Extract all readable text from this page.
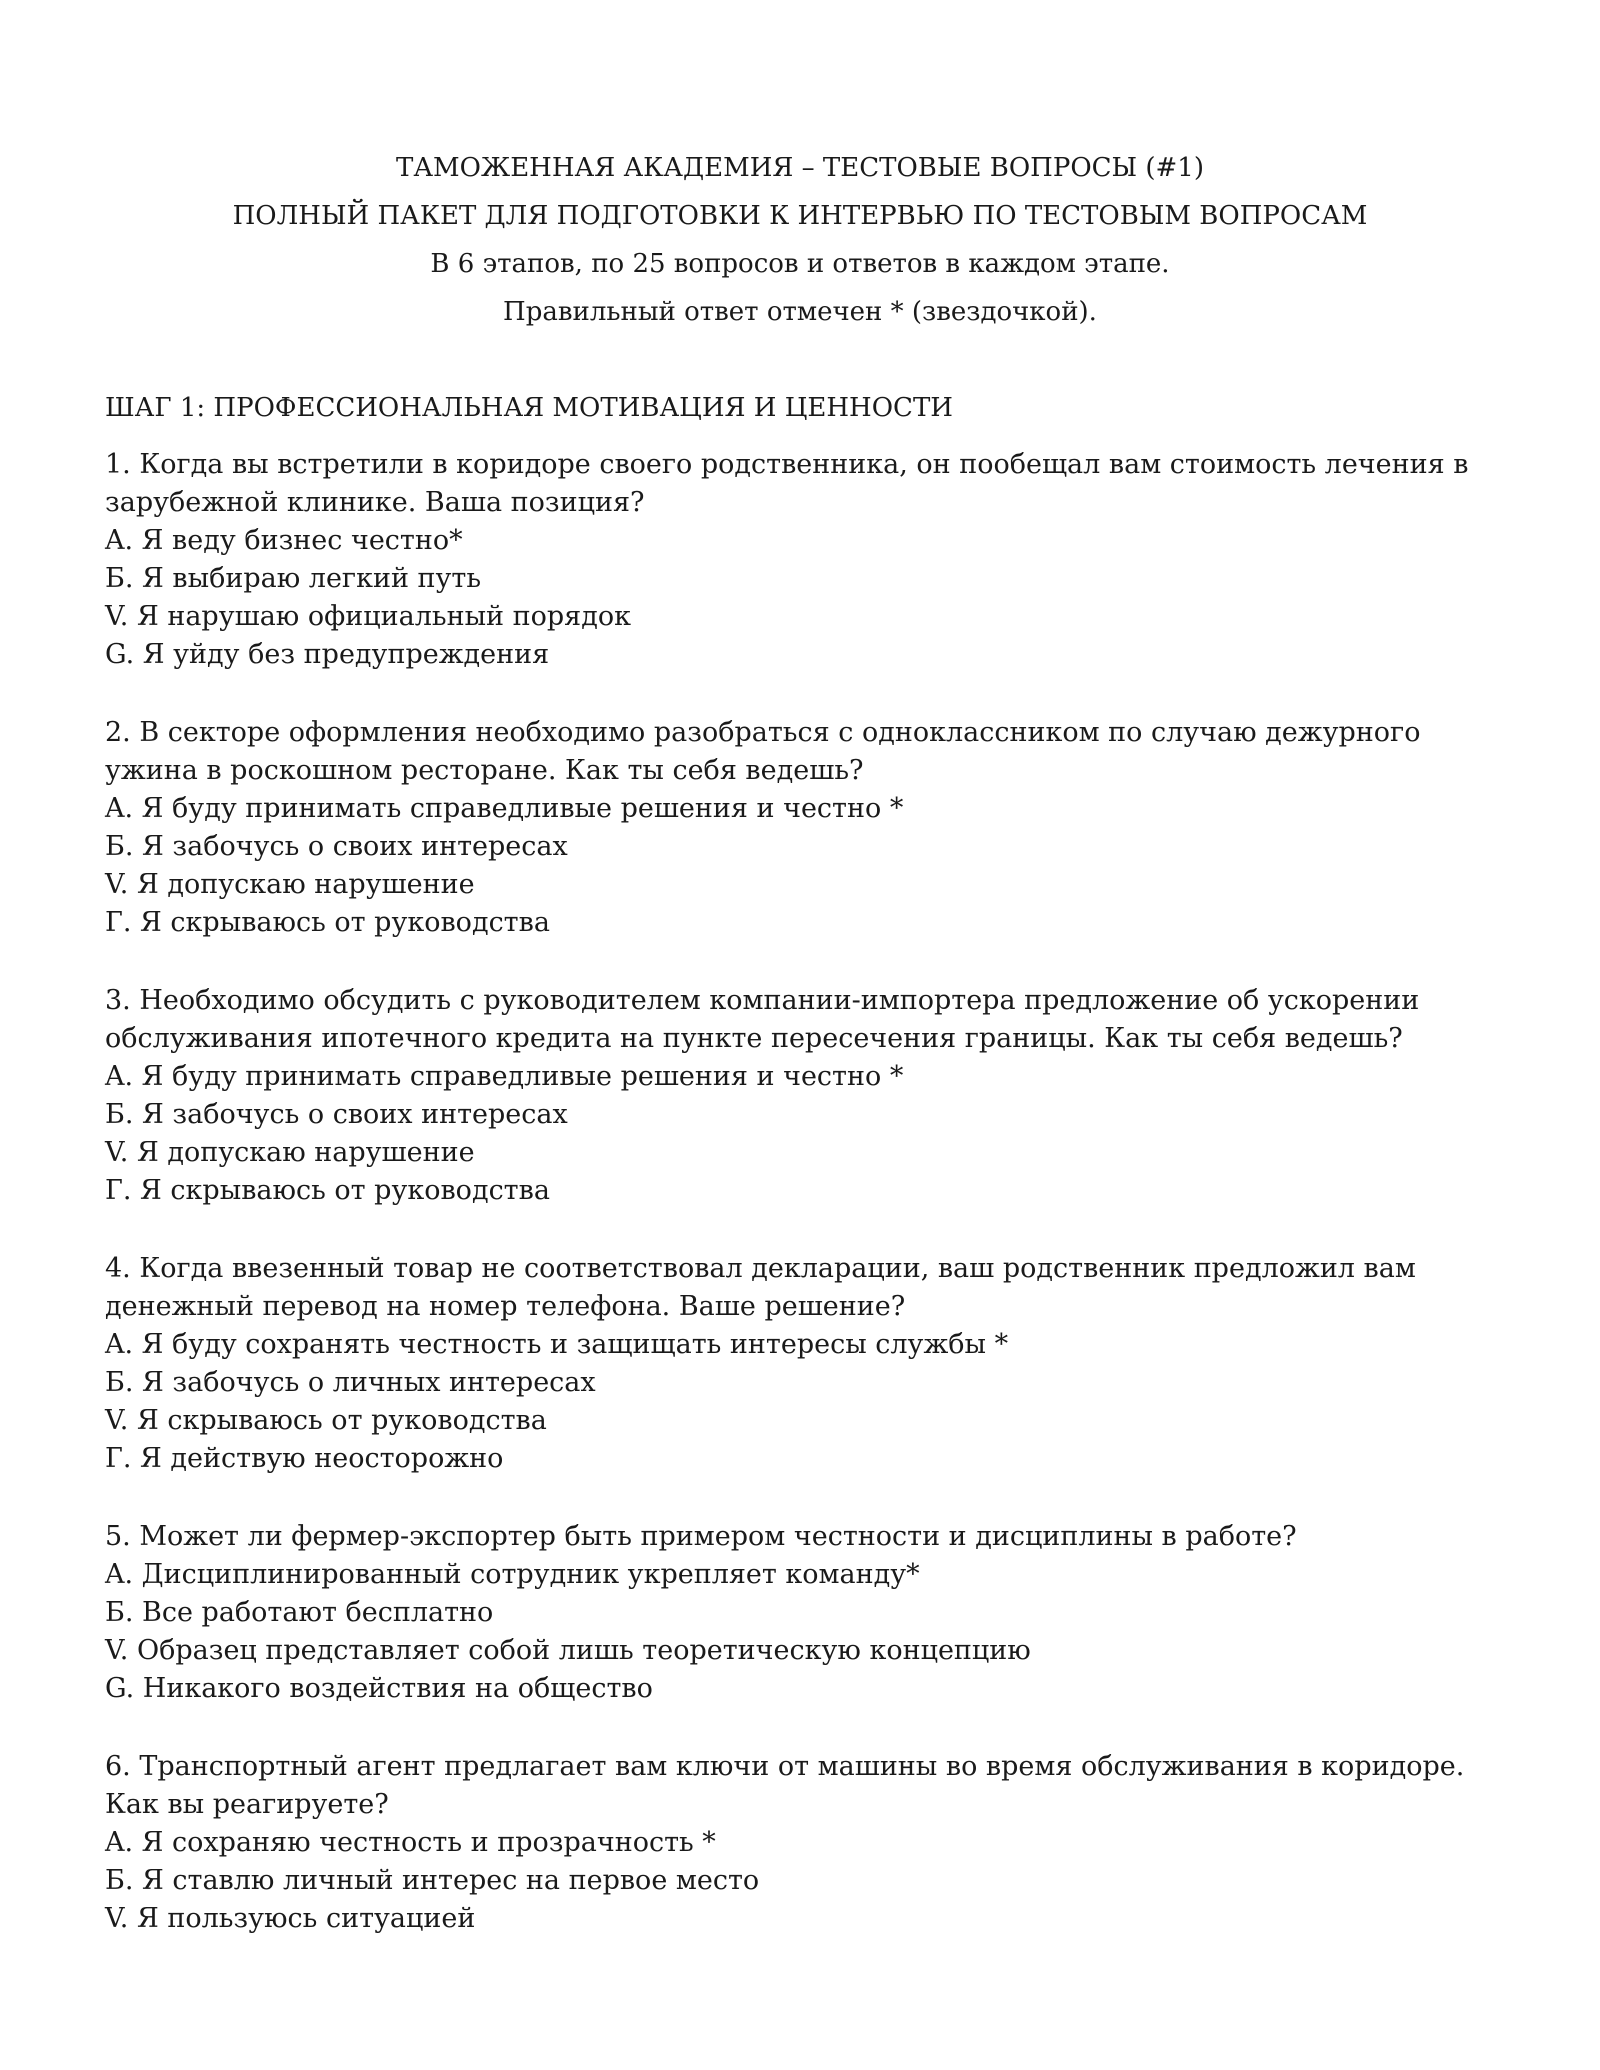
ТАМОЖЕННАЯ АКАДЕМИЯ – ТЕСТОВЫЕ ВОПРОСЫ (#1)
ПОЛНЫЙ ПАКЕТ ДЛЯ ПОДГОТОВКИ К ИНТЕРВЬЮ ПО ТЕСТОВЫМ ВОПРОСАМ
В 6 этапов, по 25 вопросов и ответов в каждом этапе.
Правильный ответ отмечен * (звездочкой).
ШАГ 1: ПРОФЕССИОНАЛЬНАЯ МОТИВАЦИЯ И ЦЕННОСТИ
1. Когда вы встретили в коридоре своего родственника, он пообещал вам стоимость лечения в зарубежной клинике. Ваша позиция?
A. Я веду бизнес честно*
Б. Я выбираю легкий путь
V. Я нарушаю официальный порядок
G. Я уйду без предупреждения
2. В секторе оформления необходимо разобраться с одноклассником по случаю дежурного ужина в роскошном ресторане. Как ты себя ведешь?
A. Я буду принимать справедливые решения и честно *
Б. Я забочусь о своих интересах
V. Я допускаю нарушение
Г. Я скрываюсь от руководства
3. Необходимо обсудить с руководителем компании-импортера предложение об ускорении обслуживания ипотечного кредита на пункте пересечения границы. Как ты себя ведешь?
A. Я буду принимать справедливые решения и честно *
Б. Я забочусь о своих интересах
V. Я допускаю нарушение
Г. Я скрываюсь от руководства
4. Когда ввезенный товар не соответствовал декларации, ваш родственник предложил вам денежный перевод на номер телефона. Ваше решение?
A. Я буду сохранять честность и защищать интересы службы *
Б. Я забочусь о личных интересах
V. Я скрываюсь от руководства
Г. Я действую неосторожно
5. Может ли фермер-экспортер быть примером честности и дисциплины в работе?
A. Дисциплинированный сотрудник укрепляет команду*
Б. Все работают бесплатно
V. Образец представляет собой лишь теоретическую концепцию
G. Никакого воздействия на общество
6. Транспортный агент предлагает вам ключи от машины во время обслуживания в коридоре. Как вы реагируете?
A. Я сохраняю честность и прозрачность *
Б. Я ставлю личный интерес на первое место
V. Я пользуюсь ситуацией
